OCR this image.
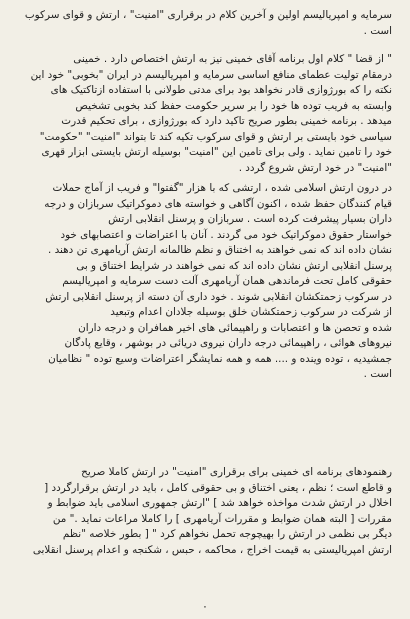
سرمایه و امپریالیسم اولین و آخرین کلام در برقراری "امنیت" ، ارتش و قوای سرکوب
است .
" از قضا " کلام اول برنامه آقای خمینی نیز به ارتش اختصاص دارد . خمینی
درمقام تولیت عطمای منافع اساسی سرمایه و امپریالیسم در ایران "بخوبی" خود این
نکته را که بورژوازی قادر نخواهد بود برای مدتی طولانی با استفاده ازتاکتیک های
وابسته به فریب توده ها خود را بر سریر حکومت حفظ کند بخوبی تشخیص
میدهد . برنامه خمینی بطور صریح تاکید دارد که بورژوازی ، برای تحکیم قدرت
سیاسی خود بایستی بر ارتش و قوای سرکوب تکیه کند تا بتواند "امنیت" "حکومت"
خود را تامین نماید . ولی برای تامین این "امنیت" بوسیله ارتش بایستی ابزار قهری
"امنیت" در خود ارتش شروع گردد .
در درون ارتش اسلامی شده ، ارتشی که با هزار "گفتوا" و فریب از آماج حملات
قیام کنندگان حفظ شده ، اکنون آگاهی و خواسته های دموکراتیک سربازان و درجه
داران بسیار پیشرفت کرده است . سربازان و پرسنل انقلابی ارتش
خواستار حقوق دموکراتیک خود می گردند . آنان با اعتراضات و اعتصابهای خود
نشان داده اند که نمی خواهند به اختناق و نظم ظالمانه ارتش آریامهری تن دهند .
پرسنل انقلابی ارتش نشان داده اند که نمی خواهند در شرایط اختناق و بی
حقوقی کامل تحت فرماندهی همان آریامهری آلت دست سرمایه و امپریالیسم
در سرکوب زحمتکشان انقلابی شوند . خود داری آن دسته از پرسنل انقلابی ارتش
از شرکت در سرکوب زحمتکشان خلق بوسیله جلادان اعدام وتبعید
شده و تحصن ها و اعتصابات و راهپیمائی های اخیر همافران و درجه داران
نیروهای هوائی ، راهپیمائی درجه داران نیروی دریائی در بوشهر ، وقایع پادگان
جمشیدیه ، توده وینده و .... همه و همه نمایشگر اعتراضات وسیع توده " نظامیان
است .
رهنمودهای برنامه ای خمینی برای برقراری "امنیت" در ارتش کاملا صریح
و قاطع است ؛ نظم ، یعنی اختناق و بی حقوقی کامل ، باید در ارتش برقرارگردد [
اخلال در ارتش شدت مواخذه خواهد شد ] "ارتش جمهوری اسلامی باید ضوابط و
مقررات [ البته همان ضوابط و مقررات آریامهری ] را کاملا مراعات نماید ." من
دیگر بی نظمی در ارتش را بهیچوجه تحمل نخواهم کرد " [ بطور خلاصه "نظم
ارتش امپریالیستی به قیمت اخراج ، محاکمه ، حبس ، شکنجه و اعدام پرسنل انقلابی
۰
